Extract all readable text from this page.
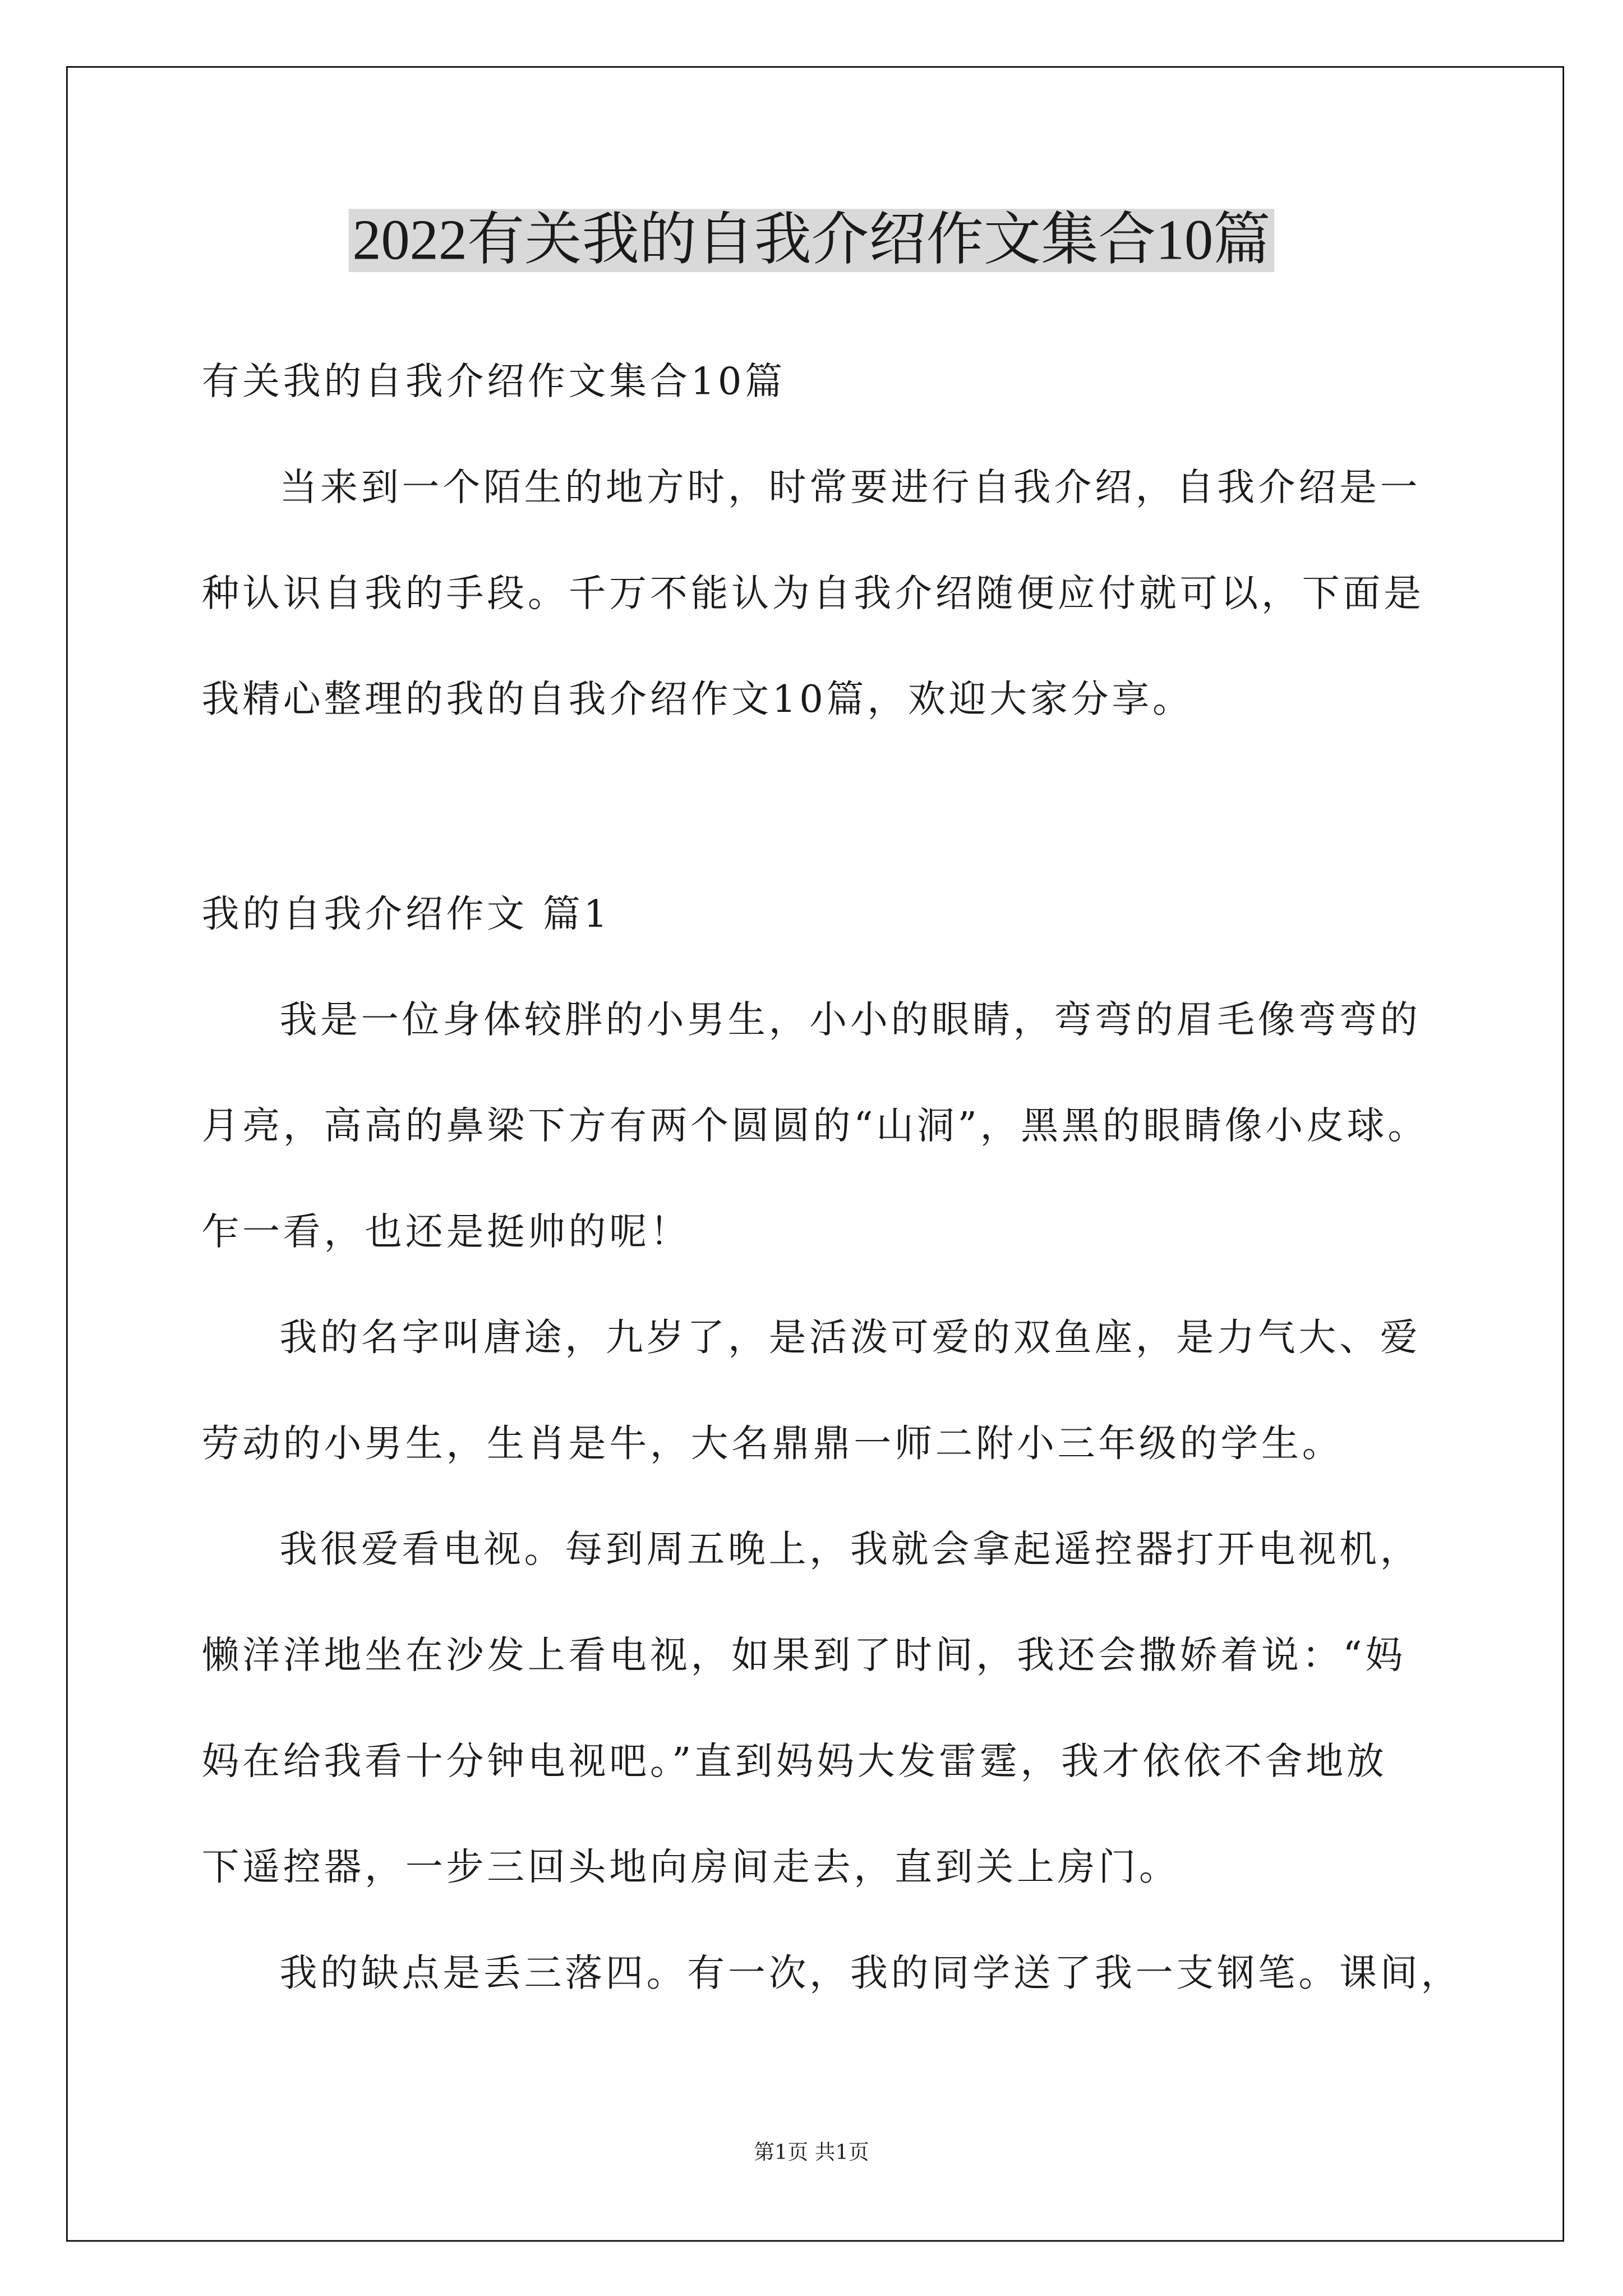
2022有关我的自我介绍作文集合10篇
有关我的自我介绍作文集合10篇
当来到一个陌生的地方时，时常要进行自我介绍，自我介绍是一
种认识自我的手段。千万不能认为自我介绍随便应付就可以，下面是
我精心整理的我的自我介绍作文10篇，欢迎大家分享。
我的自我介绍作文 篇1
我是一位身体较胖的小男生，小小的眼睛，弯弯的眉毛像弯弯的
月亮，高高的鼻梁下方有两个圆圆的“山洞”，黑黑的眼睛像小皮球。
乍一看，也还是挺帅的呢！
我的名字叫唐途，九岁了，是活泼可爱的双鱼座，是力气大、爱
劳动的小男生，生肖是牛，大名鼎鼎一师二附小三年级的学生。
我很爱看电视。每到周五晚上，我就会拿起遥控器打开电视机，
懒洋洋地坐在沙发上看电视，如果到了时间，我还会撒娇着说：“妈
妈在给我看十分钟电视吧。”直到妈妈大发雷霆，我才依依不舍地放
下遥控器，一步三回头地向房间走去，直到关上房门。
我的缺点是丢三落四。有一次，我的同学送了我一支钢笔。课间，
第1页 共1页
